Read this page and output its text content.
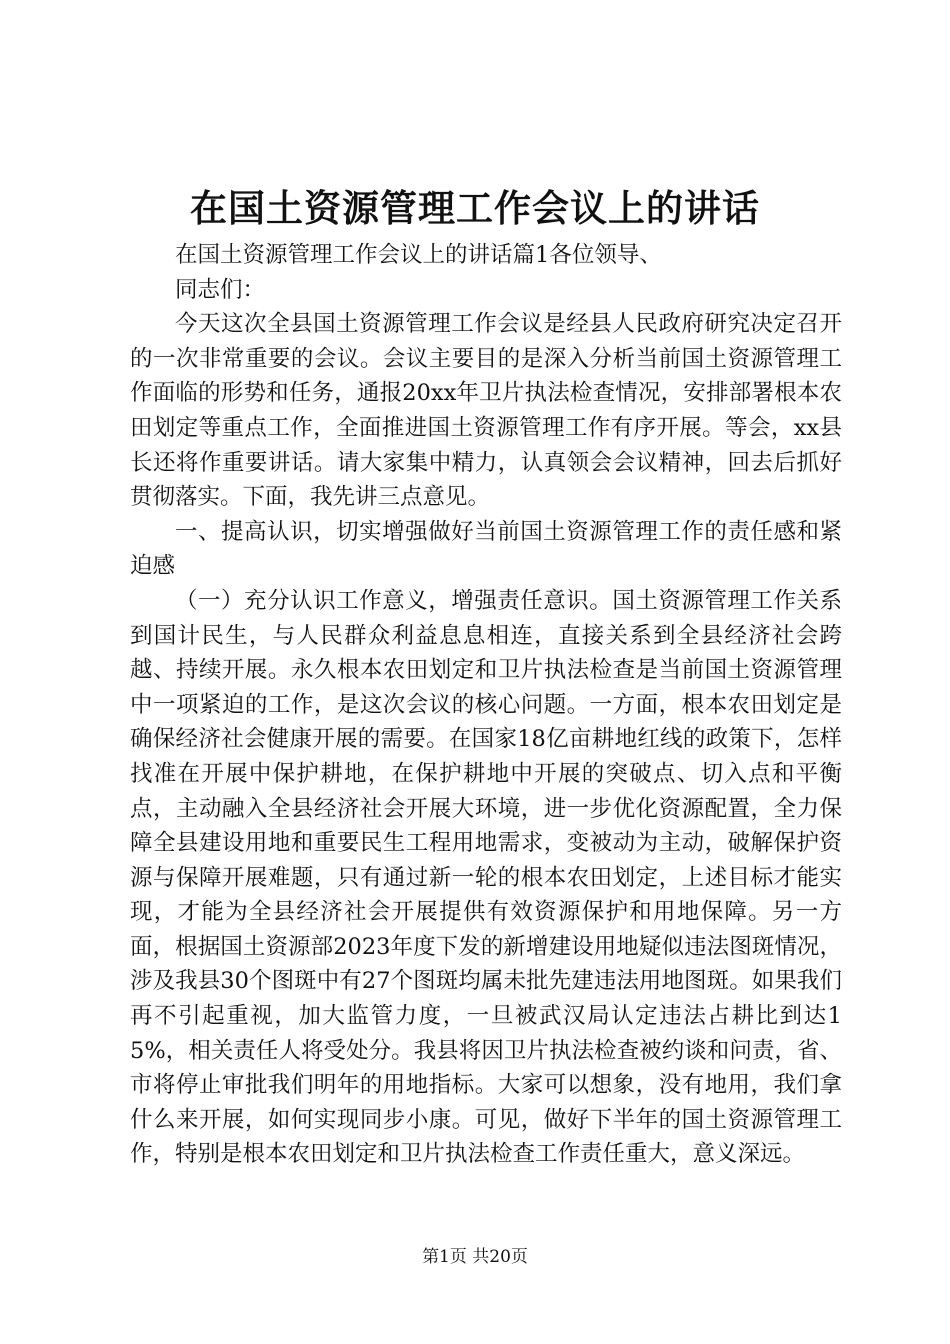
在国土资源管理工作会议上的讲话

在国土资源管理工作会议上的讲话篇1各位领导、

同志们：

今天这次全县国土资源管理工作会议是经县人民政府研究决定召开的一次非常重要的会议。会议主要目的是深入分析当前国土资源管理工作面临的形势和任务，通报20xx年卫片执法检查情况，安排部署根本农田划定等重点工作，全面推进国土资源管理工作有序开展。等会，xx县长还将作重要讲话。请大家集中精力，认真领会会议精神，回去后抓好贯彻落实。下面，我先讲三点意见。

一、提高认识，切实增强做好当前国土资源管理工作的责任感和紧迫感

（一）充分认识工作意义，增强责任意识。国土资源管理工作关系到国计民生，与人民群众利益息息相连，直接关系到全县经济社会跨越、持续开展。永久根本农田划定和卫片执法检查是当前国土资源管理中一项紧迫的工作，是这次会议的核心问题。一方面，根本农田划定是确保经济社会健康开展的需要。在国家18亿亩耕地红线的政策下，怎样找准在开展中保护耕地，在保护耕地中开展的突破点、切入点和平衡点，主动融入全县经济社会开展大环境，进一步优化资源配置，全力保障全县建设用地和重要民生工程用地需求，变被动为主动，破解保护资源与保障开展难题，只有通过新一轮的根本农田划定，上述目标才能实现，才能为全县经济社会开展提供有效资源保护和用地保障。另一方面，根据国土资源部2023年度下发的新增建设用地疑似违法图斑情况，涉及我县30个图斑中有27个图斑均属未批先建违法用地图斑。如果我们再不引起重视，加大监管力度，一旦被武汉局认定违法占耕比到达15%，相关责任人将受处分。我县将因卫片执法检查被约谈和问责，省、市将停止审批我们明年的用地指标。大家可以想象，没有地用，我们拿什么来开展，如何实现同步小康。可见，做好下半年的国土资源管理工作，特别是根本农田划定和卫片执法检查工作责任重大，意义深远。

第1页 共20页
